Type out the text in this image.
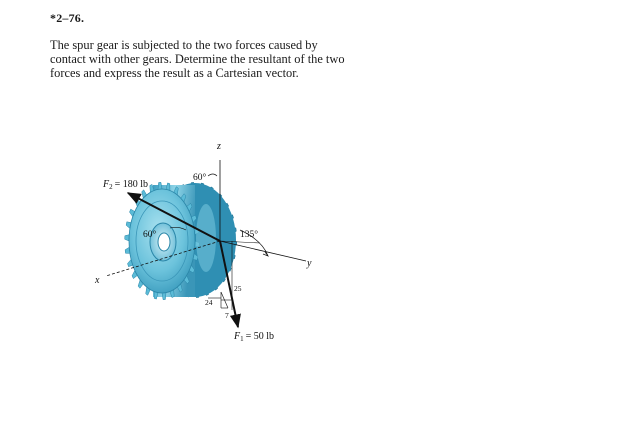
*2–76.
The spur gear is subjected to the two forces caused by
contact with other gears. Determine the resultant of the two
forces and express the result as a Cartesian vector.
z
y
x
60°
60°	135°
25
24
7
$F_2 = 180$ lb
$F_1 = 50$ lb
